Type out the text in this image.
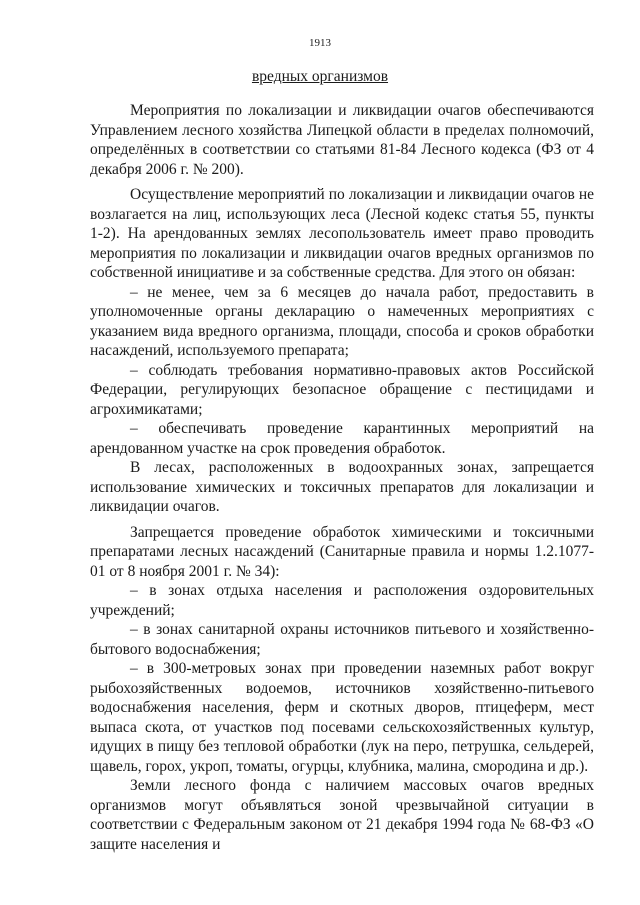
1913
вредных организмов

Мероприятия по локализации и ликвидации очагов обеспечиваются Управлением лесного хозяйства Липецкой области в пределах полномочий, определённых в соответствии со статьями 81-84 Лесного кодекса (ФЗ от 4 декабря 2006 г. № 200).

Осуществление мероприятий по локализации и ликвидации очагов не возлагается на лиц, использующих леса (Лесной кодекс статья 55, пункты 1-2). На арендованных землях лесопользователь имеет право проводить мероприятия по локализации и ликвидации очагов вредных организмов по собственной инициативе и за собственные средства. Для этого он обязан:

– не менее, чем за 6 месяцев до начала работ, предоставить в уполномоченные органы декларацию о намеченных мероприятиях с указанием вида вредного организма, площади, способа и сроков обработки насаждений, используемого препарата;

– соблюдать требования нормативно-правовых актов Российской Федерации, регулирующих безопасное обращение с пестицидами и агрохимикатами;

– обеспечивать проведение карантинных мероприятий на арендованном участке на срок проведения обработок.

В лесах, расположенных в водоохранных зонах, запрещается использование химических и токсичных препаратов для локализации и ликвидации очагов.

Запрещается проведение обработок химическими и токсичными препаратами лесных насаждений (Санитарные правила и нормы 1.2.1077-01 от 8 ноября 2001 г. № 34):

– в зонах отдыха населения и расположения оздоровительных учреждений;

– в зонах санитарной охраны источников питьевого и хозяйственно-бытового водоснабжения;

– в 300-метровых зонах при проведении наземных работ вокруг рыбохозяйственных водоемов, источников хозяйственно-питьевого водоснабжения населения, ферм и скотных дворов, птицеферм, мест выпаса скота, от участков под посевами сельскохозяйственных культур, идущих в пищу без тепловой обработки (лук на перо, петрушка, сельдерей, щавель, горох, укроп, томаты, огурцы, клубника, малина, смородина и др.).

Земли лесного фонда с наличием массовых очагов вредных организмов могут объявляться зоной чрезвычайной ситуации в соответствии с Федеральным законом от 21 декабря 1994 года № 68-ФЗ «О защите населения и
